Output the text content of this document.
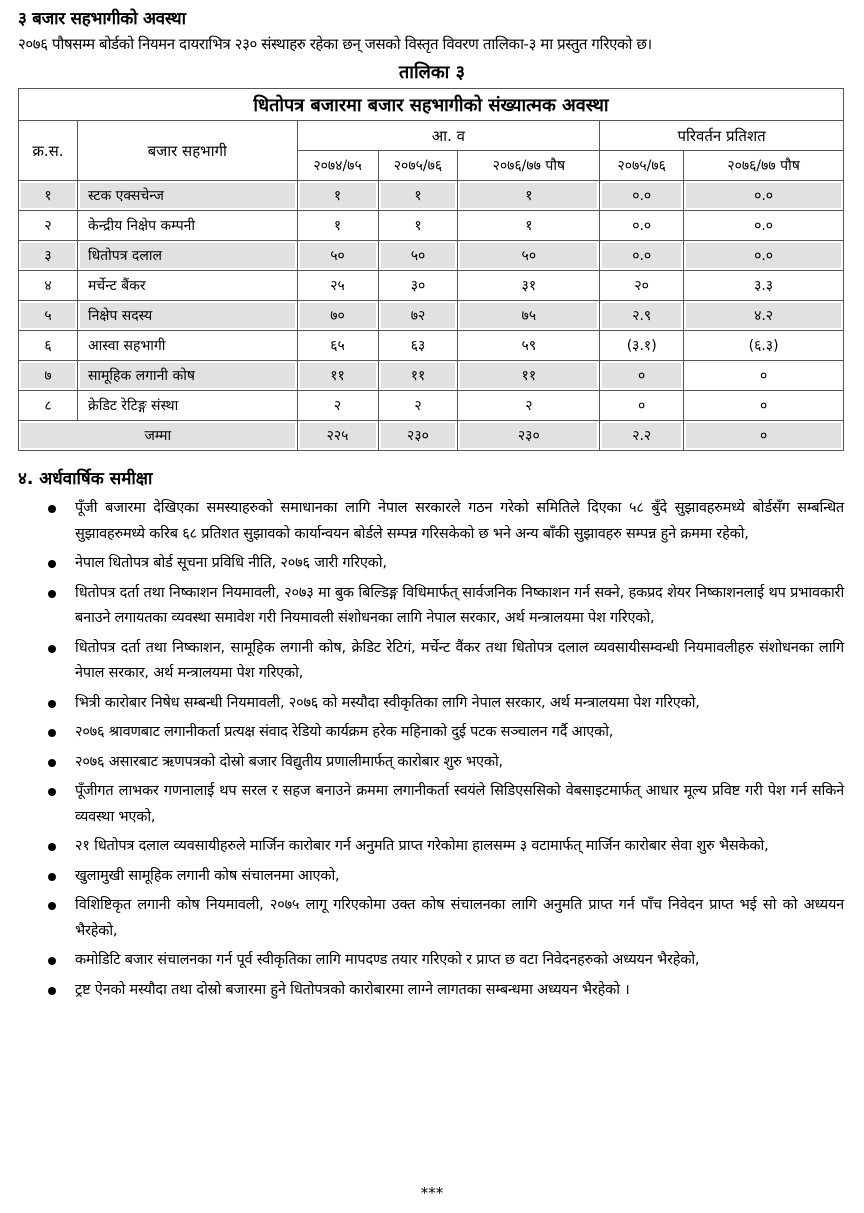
३ बजार सहभागीको अवस्था
२०७६ पौषसम्म बोर्डको नियमन दायराभित्र २३० संस्थाहरु रहेका छन् जसको विस्तृत विवरण तालिका-३ मा प्रस्तुत गरिएको छ।
तालिका ३
धितोपत्र बजारमा बजार सहभागीको संख्यात्मक अवस्था						
क्र.स.	बजार सहभागी	आ. व			परिवर्तन प्रतिशत	
		२०७४/७५	२०७५/७६	२०७६/७७ पौष	२०७५/७६	२०७६/७७ पौष
१	स्टक एक्सचेन्ज	१	१	१	०.०	०.०
२	केन्द्रीय निक्षेप कम्पनी	१	१	१	०.०	०.०
३	धितोपत्र दलाल	५०	५०	५०	०.०	०.०
४	मर्चेन्ट बैंकर	२५	३०	३१	२०	३.३
५	निक्षेप सदस्य	७०	७२	७५	२.९	४.२
६	आस्वा सहभागी	६५	६३	५९	(३.१)	(६.३)
७	सामूहिक लगानी कोष	११	११	११	०	०
८	क्रेडिट रेटिङ्ग संस्था	२	२	२	०	०
जम्मा		२२५	२३०	२३०	२.२	०
४. अर्धवार्षिक समीक्षा
पूँजी बजारमा देखिएका समस्याहरुको समाधानका लागि नेपाल सरकारले गठन गरेको समितिले दिएका ५८ बुँदे सुझावहरुमध्ये बोर्डसँग सम्बन्धित सुझावहरुमध्ये करिब ६८ प्रतिशत सुझावको कार्यान्वयन बोर्डले सम्पन्न गरिसकेको छ भने अन्य बाँकी सुझावहरु सम्पन्न हुने क्रममा रहेको,
नेपाल धितोपत्र बोर्ड सूचना प्रविधि नीति, २०७६ जारी गरिएको,
धितोपत्र दर्ता तथा निष्काशन नियमावली, २०७३ मा बुक बिल्डिङ्ग विधिमार्फत् सार्वजनिक निष्काशन गर्न सक्ने, हकप्रद शेयर निष्काशनलाई थप प्रभावकारी बनाउने लगायतका व्यवस्था समावेश गरी नियमावली संशोधनका लागि नेपाल सरकार, अर्थ मन्त्रालयमा पेश गरिएको,
धितोपत्र दर्ता तथा निष्काशन, सामूहिक लगानी कोष, क्रेडिट रेटिगं, मर्चेन्ट वैंकर तथा धितोपत्र दलाल व्यवसायीसम्वन्धी नियमावलीहरु संशोधनका लागि नेपाल सरकार, अर्थ मन्त्रालयमा पेश गरिएको,
भित्री कारोबार निषेध सम्बन्धी नियमावली, २०७६ को मस्यौदा स्वीकृतिका लागि नेपाल सरकार, अर्थ मन्त्रालयमा पेश गरिएको,
२०७६ श्रावणबाट लगानीकर्ता प्रत्यक्ष संवाद रेडियो कार्यक्रम हरेक महिनाको दुई पटक सञ्चालन गर्दै आएको,
२०७६ असारबाट ऋणपत्रको दोस्रो बजार विद्युतीय प्रणालीमार्फत् कारोबार शुरु भएको,
पूँजीगत लाभकर गणनालाई थप सरल र सहज बनाउने क्रममा लगानीकर्ता स्वयंले सिडिएससिको वेबसाइटमार्फत् आधार मूल्य प्रविष्ट गरी पेश गर्न सकिने व्यवस्था भएको,
२१ धितोपत्र दलाल व्यवसायीहरुले मार्जिन कारोबार गर्न अनुमति प्राप्त गरेकोमा हालसम्म ३ वटामार्फत् मार्जिन कारोबार सेवा शुरु भैसकेको,
खुलामुखी सामूहिक लगानी कोष संचालनमा आएको,
विशिष्टिकृत लगानी कोष नियमावली, २०७५ लागू गरिएकोमा उक्त कोष संचालनका लागि अनुमति प्राप्त गर्न पाँच निवेदन प्राप्त भई सो को अध्ययन भैरहेको,
कमोडिटि बजार संचालनका गर्न पूर्व स्वीकृतिका लागि मापदण्ड तयार गरिएको र प्राप्त छ वटा निवेदनहरुको अध्ययन भैरहेको,
ट्रष्ट ऐनको मस्यौदा तथा दोस्रो बजारमा हुने धितोपत्रको कारोबारमा लाग्ने लागतका सम्बन्धमा अध्ययन भैरहेको ।
***
